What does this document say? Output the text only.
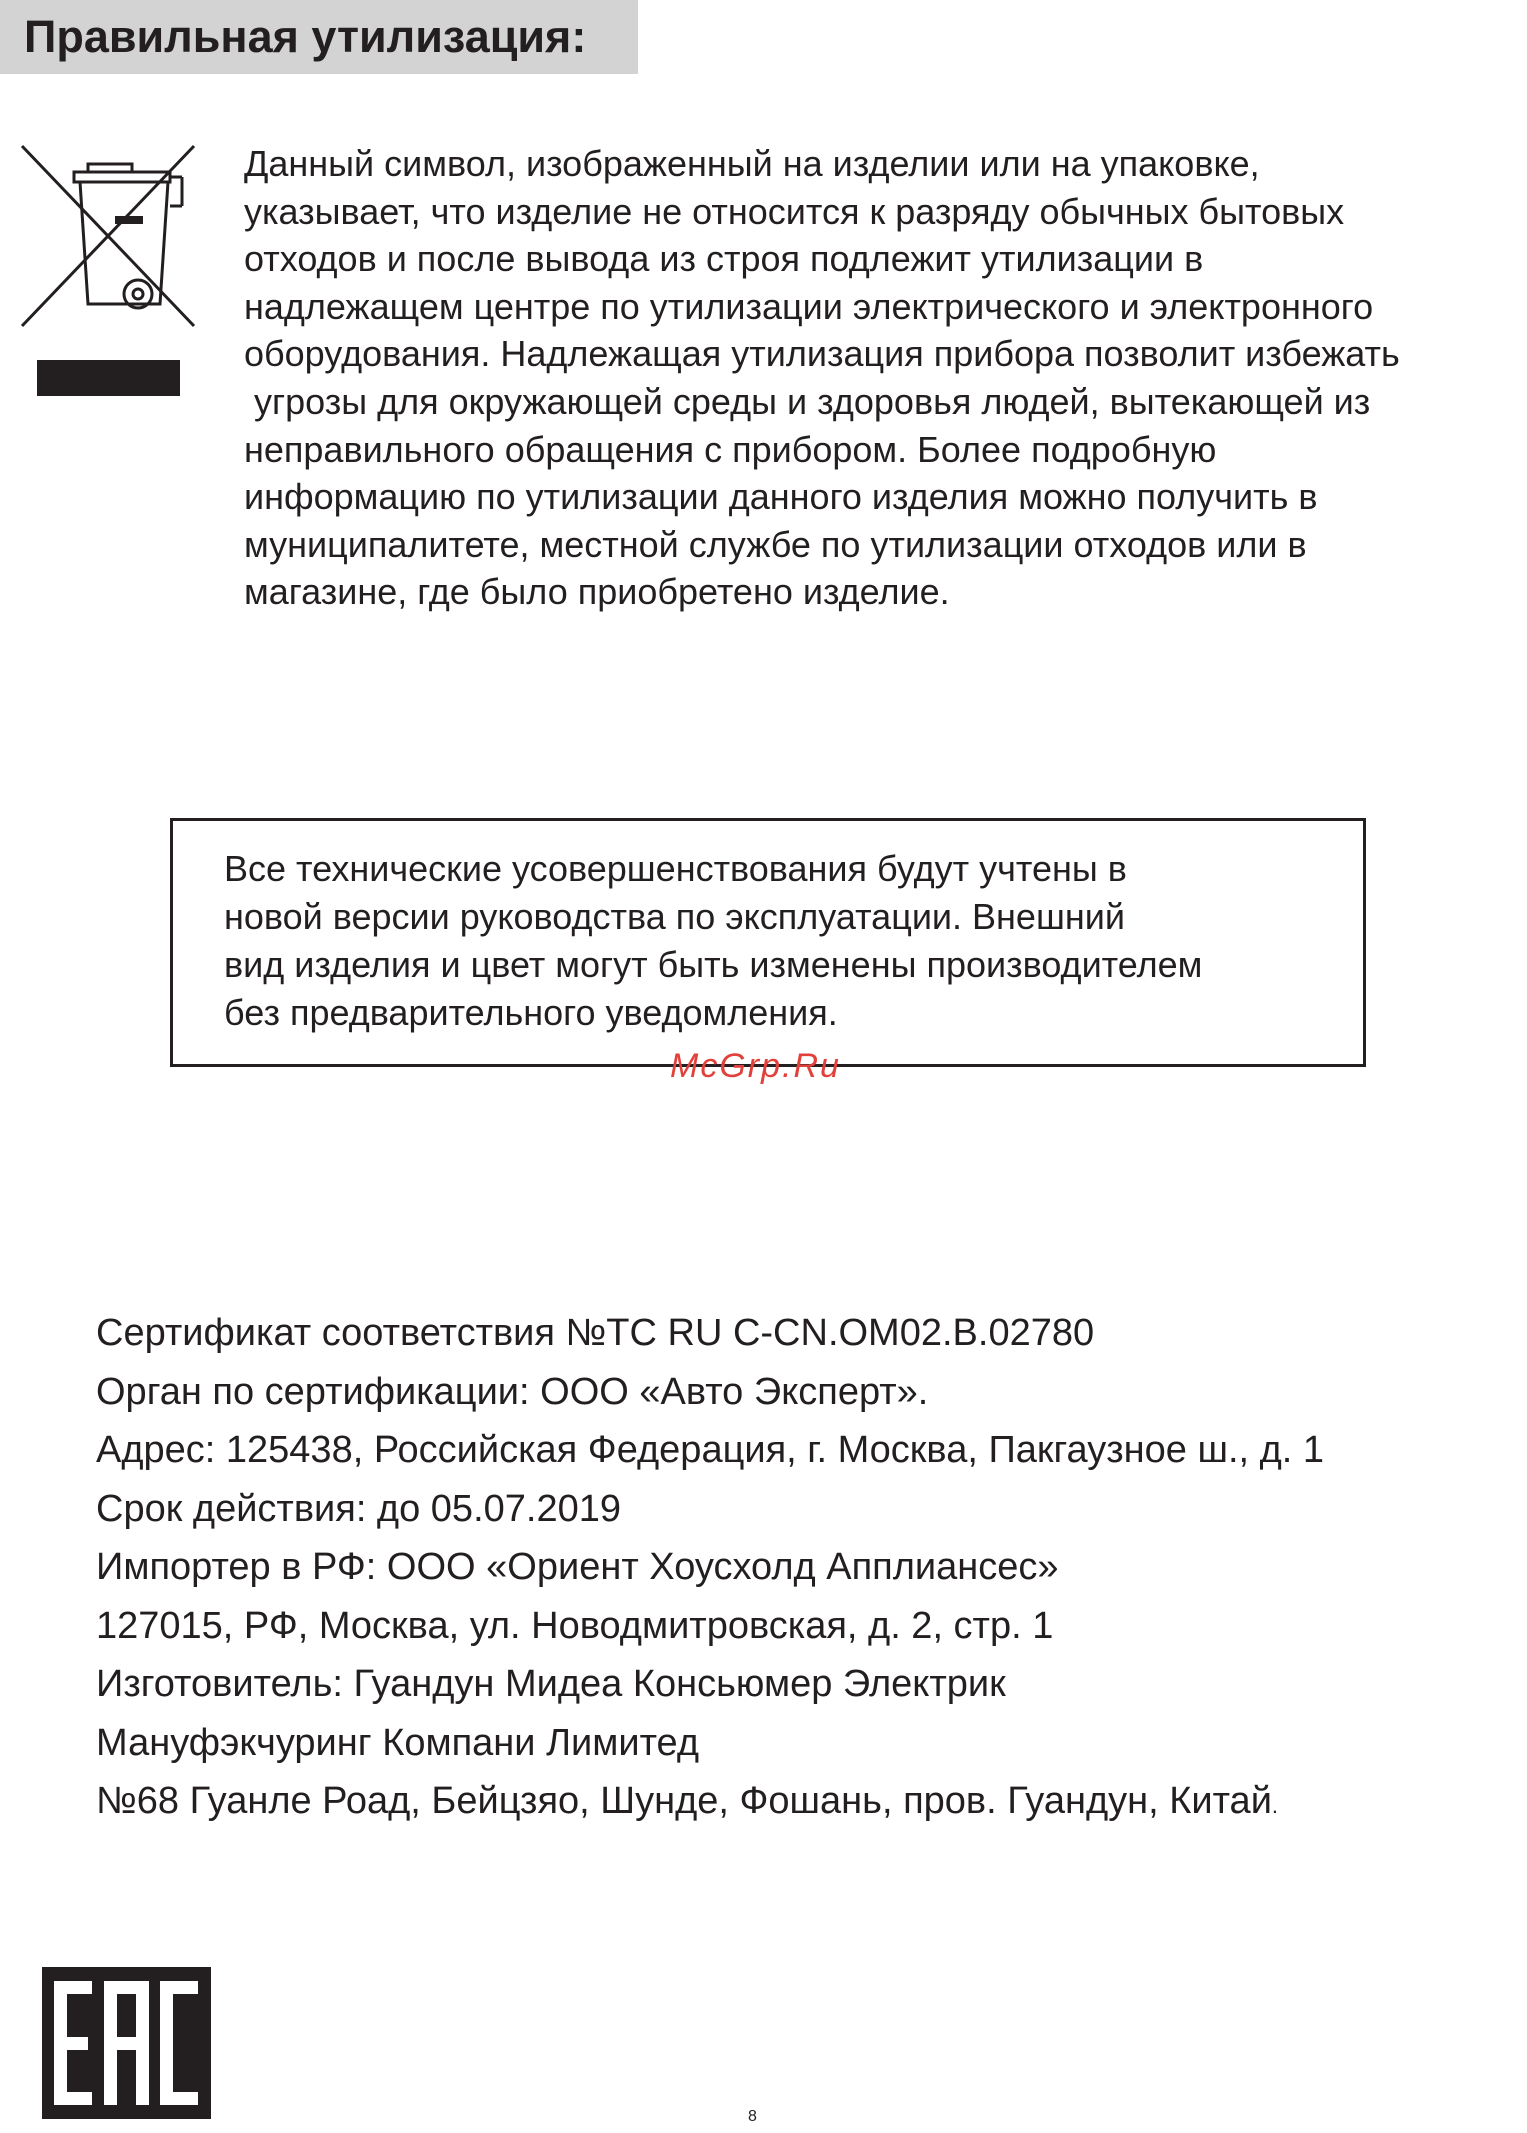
Правильная утилизация:
Данный символ, изображенный на изделии или на упаковке,
указывает, что изделие не относится к разряду обычных бытовых
отходов и после вывода из строя подлежит утилизации в
надлежащем центре по утилизации электрического и электронного
оборудования. Надлежащая утилизация прибора позволит избежать
угрозы для окружающей среды и здоровья людей, вытекающей из
неправильного обращения с прибором. Более подробную
информацию по утилизации данного изделия можно получить в
муниципалитете, местной службе по утилизации отходов или в
магазине, где было приобретено изделие.
Все технические усовершенствования будут учтены в
новой версии руководства по эксплуатации. Внешний
вид изделия и цвет могут быть изменены производителем
без предварительного уведомления.
McGrp.Ru
Сертификат соответствия №ТС RU C-CN.ОМ02.В.02780
Орган по сертификации: ООО «Авто Эксперт».
Адрес: 125438, Российская Федерация, г. Москва, Пакгаузное ш., д. 1
Срок действия: до 05.07.2019
Импортер в РФ: ООО «Ориент Хоусхолд Апплиансес»
127015, РФ, Москва, ул. Новодмитровская, д. 2, стр. 1
Изготовитель: Гуандун Мидеа Консьюмер Электрик
Мануфэкчуринг Компани Лимитед
№68 Гуанле Роад, Бейцзяо, Шунде, Фошань, пров. Гуандун, Китай.
8
